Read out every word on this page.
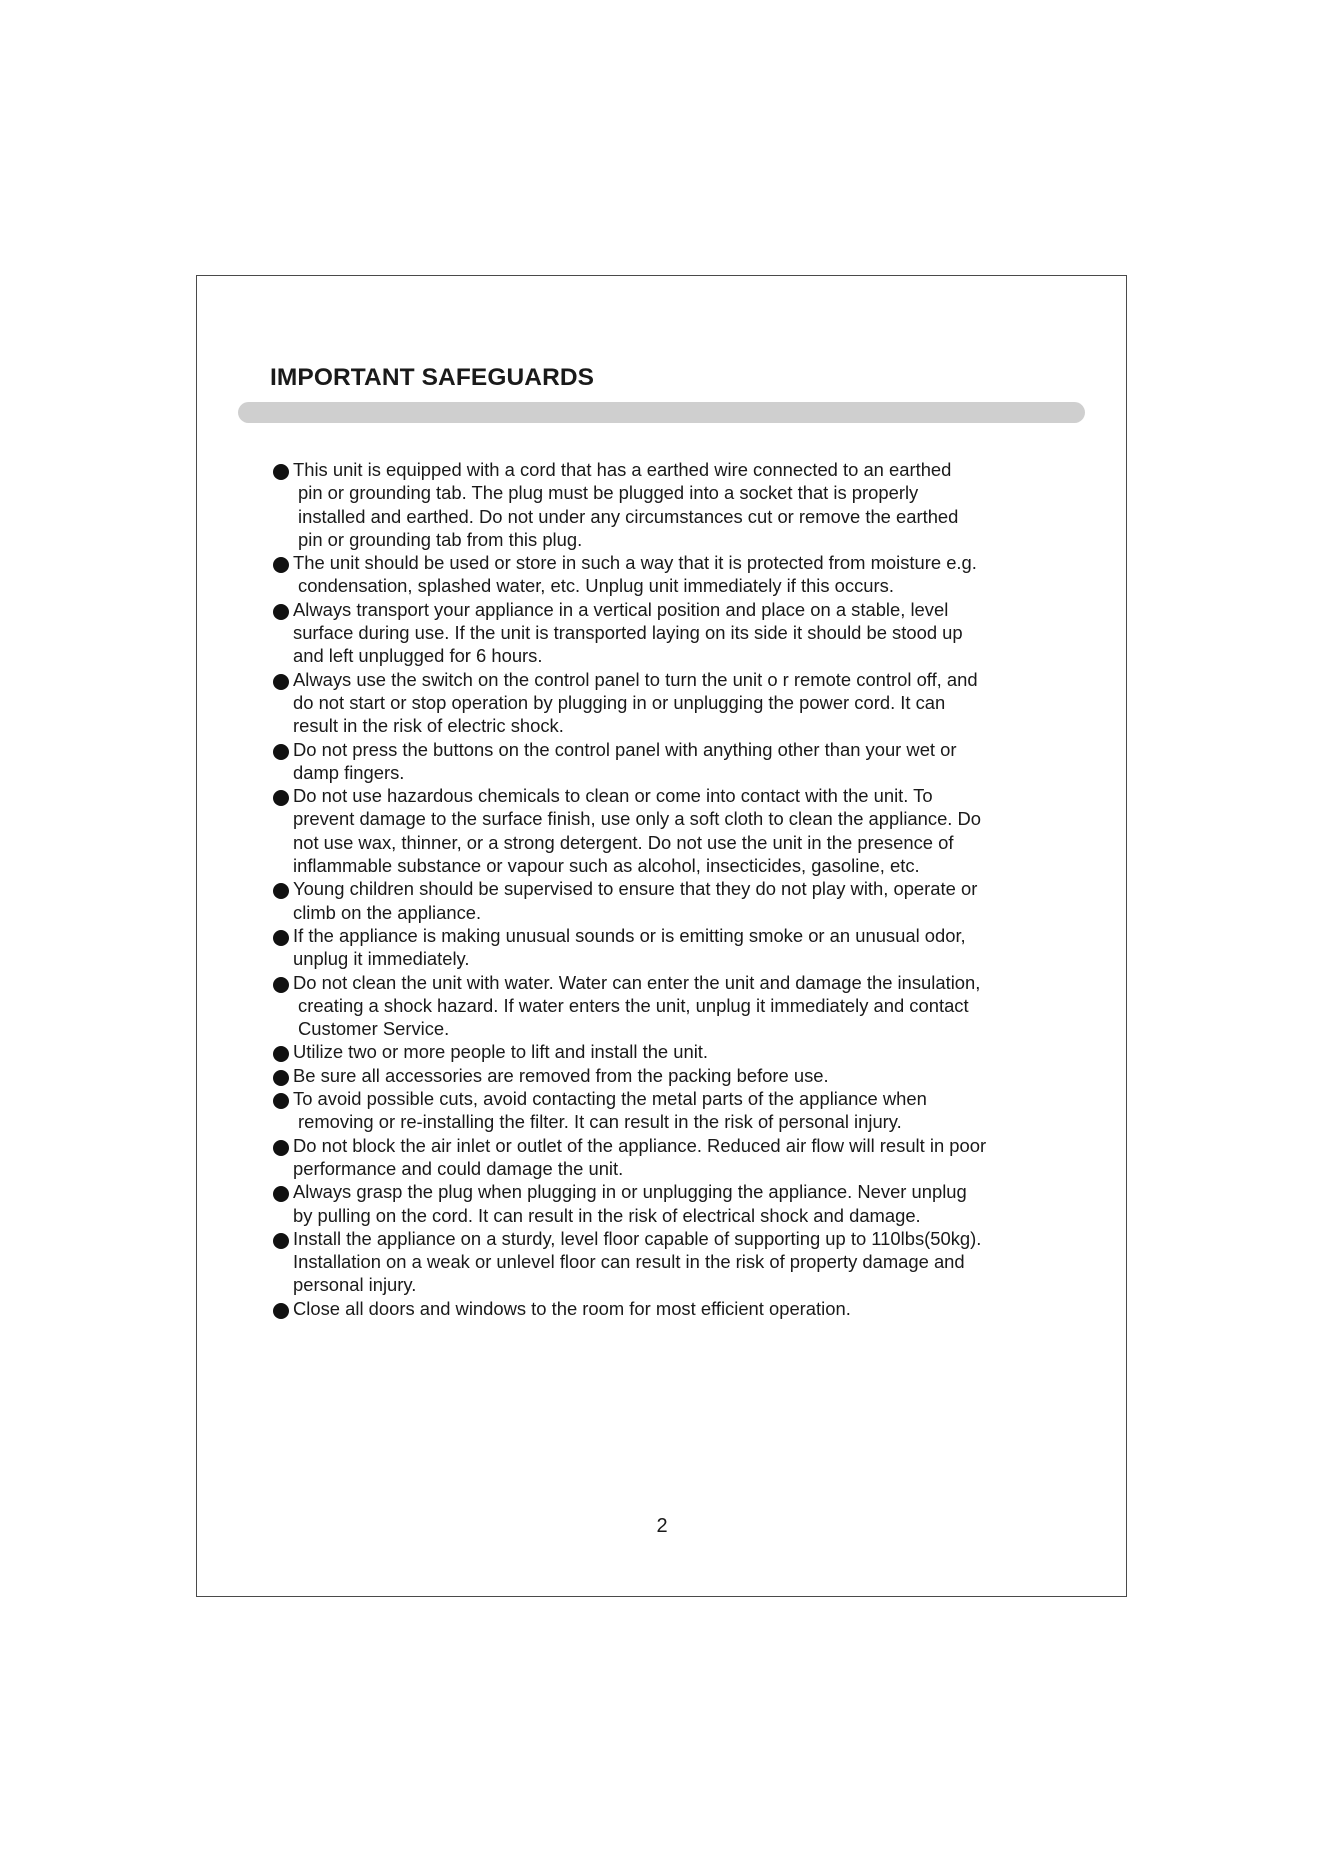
IMPORTANT SAFEGUARDS
This unit is equipped with a cord that has a earthed wire connected to an earthed
pin or grounding tab. The plug must be plugged into a socket that is properly
installed and earthed. Do not under any circumstances cut or remove the earthed
pin or grounding tab from this plug.
The unit should be used or store in such a way that it is protected from moisture e.g.
condensation, splashed water, etc. Unplug unit immediately if this occurs.
Always transport your appliance in a vertical position and place on a stable, level
surface during use. If the unit is transported laying on its side it should be stood up
and left unplugged for 6 hours.
Always use the switch on the control panel to turn the unit o r remote control off, and
do not start or stop operation by plugging in or unplugging the power cord. It can
result in the risk of electric shock.
Do not press the buttons on the control panel with anything other than your wet or
damp fingers.
Do not use hazardous chemicals to clean or come into contact with the unit. To
prevent damage to the surface finish, use only a soft cloth to clean the appliance. Do
not use wax, thinner, or a strong detergent. Do not use the unit in the presence of
inflammable substance or vapour such as alcohol, insecticides, gasoline, etc.
Young children should be supervised to ensure that they do not play with, operate or
climb on the appliance.
If the appliance is making unusual sounds or is emitting smoke or an unusual odor,
unplug it immediately.
Do not clean the unit with water. Water can enter the unit and damage the insulation,
creating a shock hazard. If water enters the unit, unplug it immediately and contact
Customer Service.
Utilize two or more people to lift and install the unit.
Be sure all accessories are removed from the packing before use.
To avoid possible cuts, avoid contacting the metal parts of the appliance when
removing or re-installing the filter. It can result in the risk of personal injury.
Do not block the air inlet or outlet of the appliance. Reduced air flow will result in poor
performance and could damage the unit.
Always grasp the plug when plugging in or unplugging the appliance. Never unplug
by pulling on the cord. It can result in the risk of electrical shock and damage.
Install the appliance on a sturdy, level floor capable of supporting up to 110lbs(50kg).
Installation on a weak or unlevel floor can result in the risk of property damage and
personal injury.
Close all doors and windows to the room for most efficient operation.
2
